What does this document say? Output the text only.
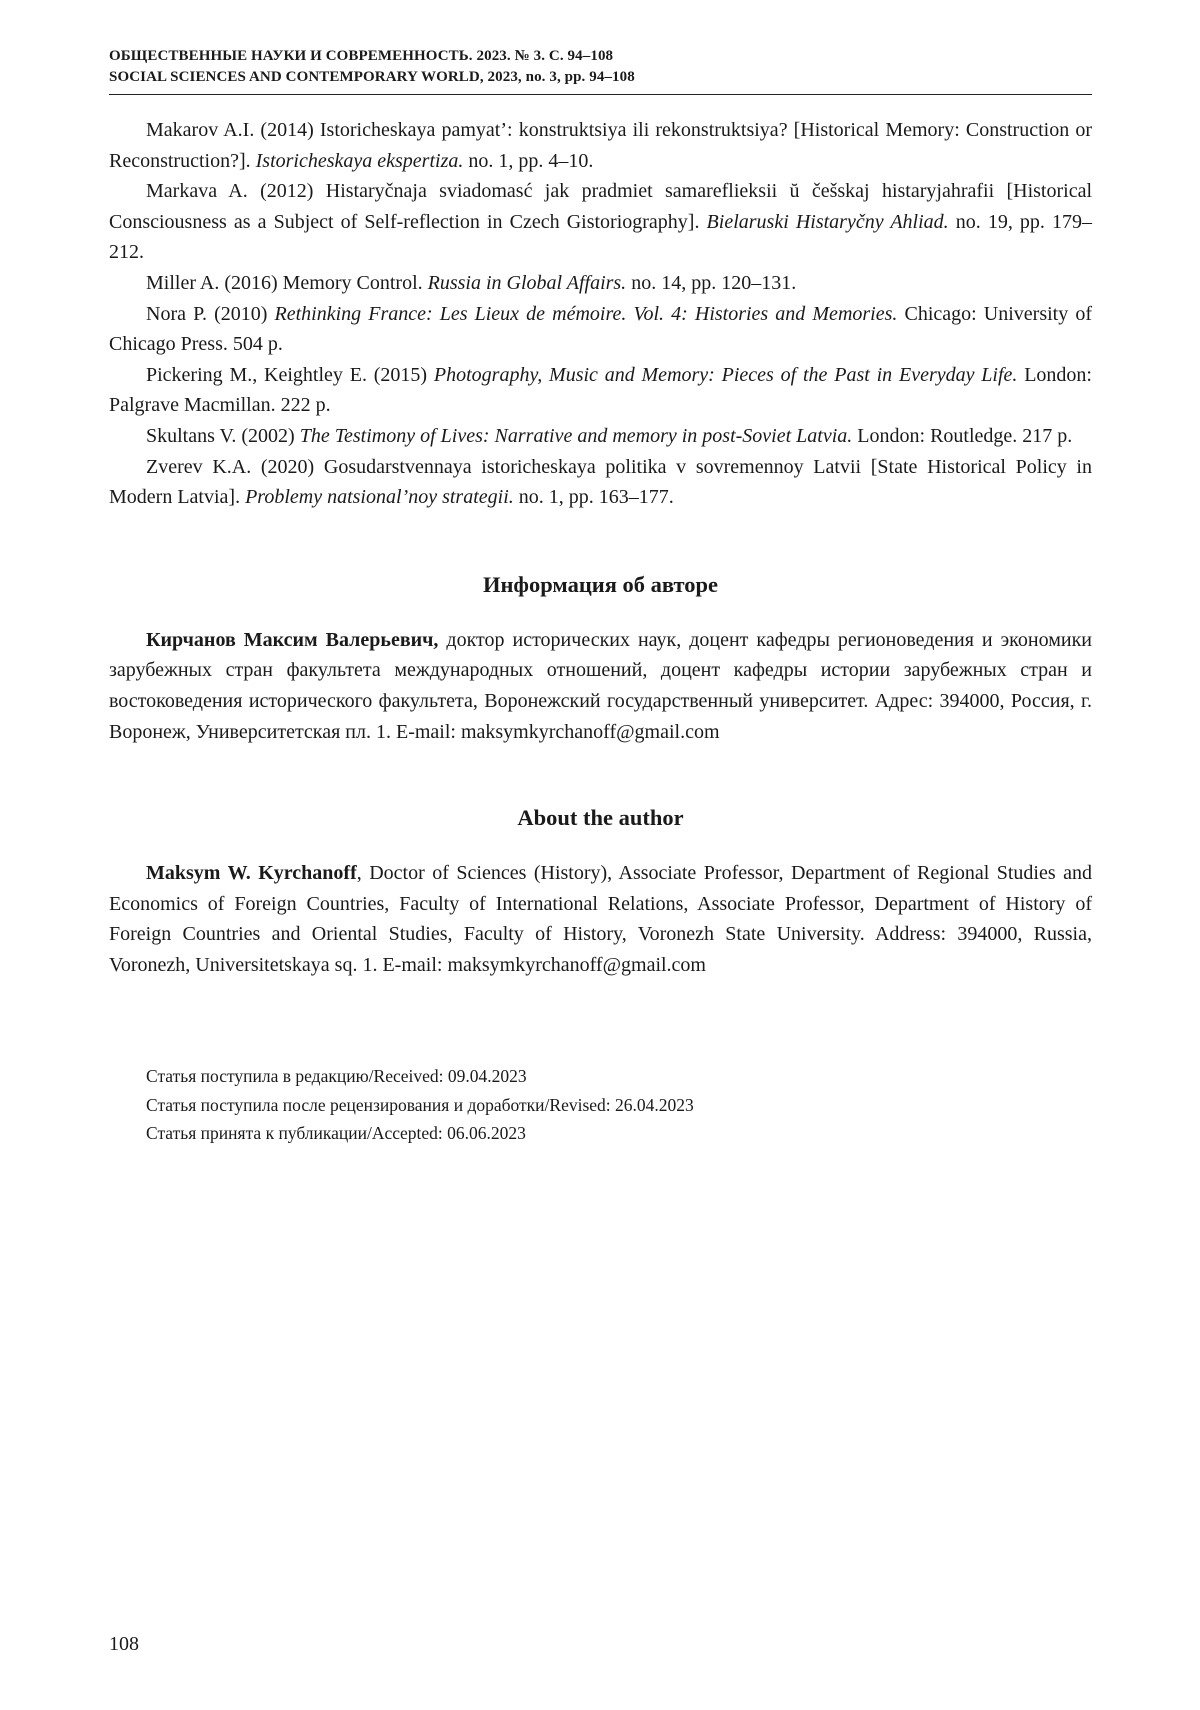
ОБЩЕСТВЕННЫЕ НАУКИ И СОВРЕМЕННОСТЬ. 2023. № 3. С. 94–108
SOCIAL SCIENCES AND CONTEMPORARY WORLD, 2023, no. 3, pp. 94–108

Makarov A.I. (2014) Istoricheskaya pamyat’: konstruktsiya ili rekonstruktsiya? [Historical Memory: Construction or Reconstruction?]. Istoricheskaya ekspertiza. no. 1, pp. 4–10.

Markava A. (2012) Histaryčnaja sviadomasć jak pradmiet samareflieksii ŭ češskaj histaryjahrafii [Historical Consciousness as a Subject of Self-reflection in Czech Gistoriography]. Bielaruski Histaryčny Ahliad. no. 19, pp. 179–212.

Miller A. (2016) Memory Control. Russia in Global Affairs. no. 14, pp. 120–131.

Nora P. (2010) Rethinking France: Les Lieux de mémoire. Vol. 4: Histories and Memories. Chicago: University of Chicago Press. 504 p.

Pickering M., Keightley E. (2015) Photography, Music and Memory: Pieces of the Past in Everyday Life. London: Palgrave Macmillan. 222 p.

Skultans V. (2002) The Testimony of Lives: Narrative and memory in post-Soviet Latvia. London: Routledge. 217 p.

Zverev K.A. (2020) Gosudarstvennaya istoricheskaya politika v sovremennoy Latvii [State Historical Policy in Modern Latvia]. Problemy natsional’noy strategii. no. 1, pp. 163–177.

Информация об авторе

Кирчанов Максим Валерьевич, доктор исторических наук, доцент кафедры регионоведения и экономики зарубежных стран факультета международных отношений, доцент кафедры истории зарубежных стран и востоковедения исторического факультета, Воронежский государственный университет. Адрес: 394000, Россия, г. Воронеж, Университетская пл. 1. E-mail: maksymkyrchanoff@gmail.com

About the author

Maksym W. Kyrchanoff, Doctor of Sciences (History), Associate Professor, Department of Regional Studies and Economics of Foreign Countries, Faculty of International Relations, Associate Professor, Department of History of Foreign Countries and Oriental Studies, Faculty of History, Voronezh State University. Address: 394000, Russia, Voronezh, Universitetskaya sq. 1. E-mail: maksymkyrchanoff@gmail.com

Статья поступила в редакцию/Received: 09.04.2023
Статья поступила после рецензирования и доработки/Revised: 26.04.2023
Статья принята к публикации/Accepted: 06.06.2023
108
